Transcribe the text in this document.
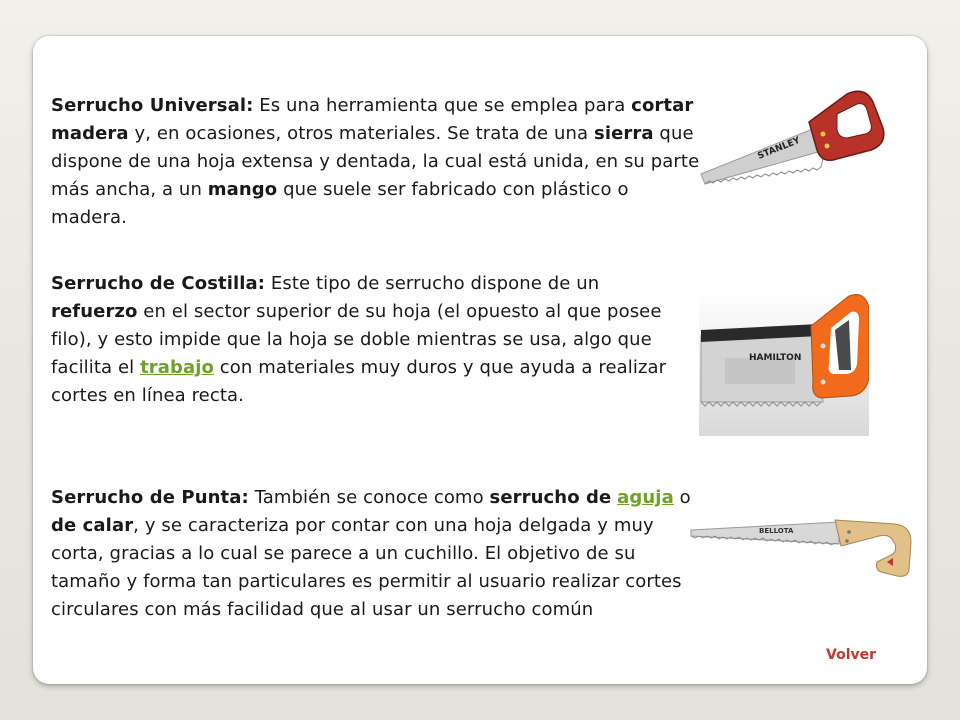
Serrucho Universal: Es una herramienta que se emplea para cortar madera y, en ocasiones, otros materiales. Se trata de una sierra que dispone de una hoja extensa y dentada, la cual está unida, en su parte más ancha, a un mango que suele ser fabricado con plástico o madera.

STANLEY

Serrucho de Costilla: Este tipo de serrucho dispone de un refuerzo en el sector superior de su hoja (el opuesto al que posee filo), y esto impide que la hoja se doble mientras se usa, algo que facilita el trabajo con materiales muy duros y que ayuda a realizar cortes en línea recta.

HAMILTON

Serrucho de Punta: También se conoce como serrucho de aguja o de calar, y se caracteriza por contar con una hoja delgada y muy corta, gracias a lo cual se parece a un cuchillo. El objetivo de su tamaño y forma tan particulares es permitir al usuario realizar cortes circulares con más facilidad que al usar un serrucho común

BELLOTA
Volver
